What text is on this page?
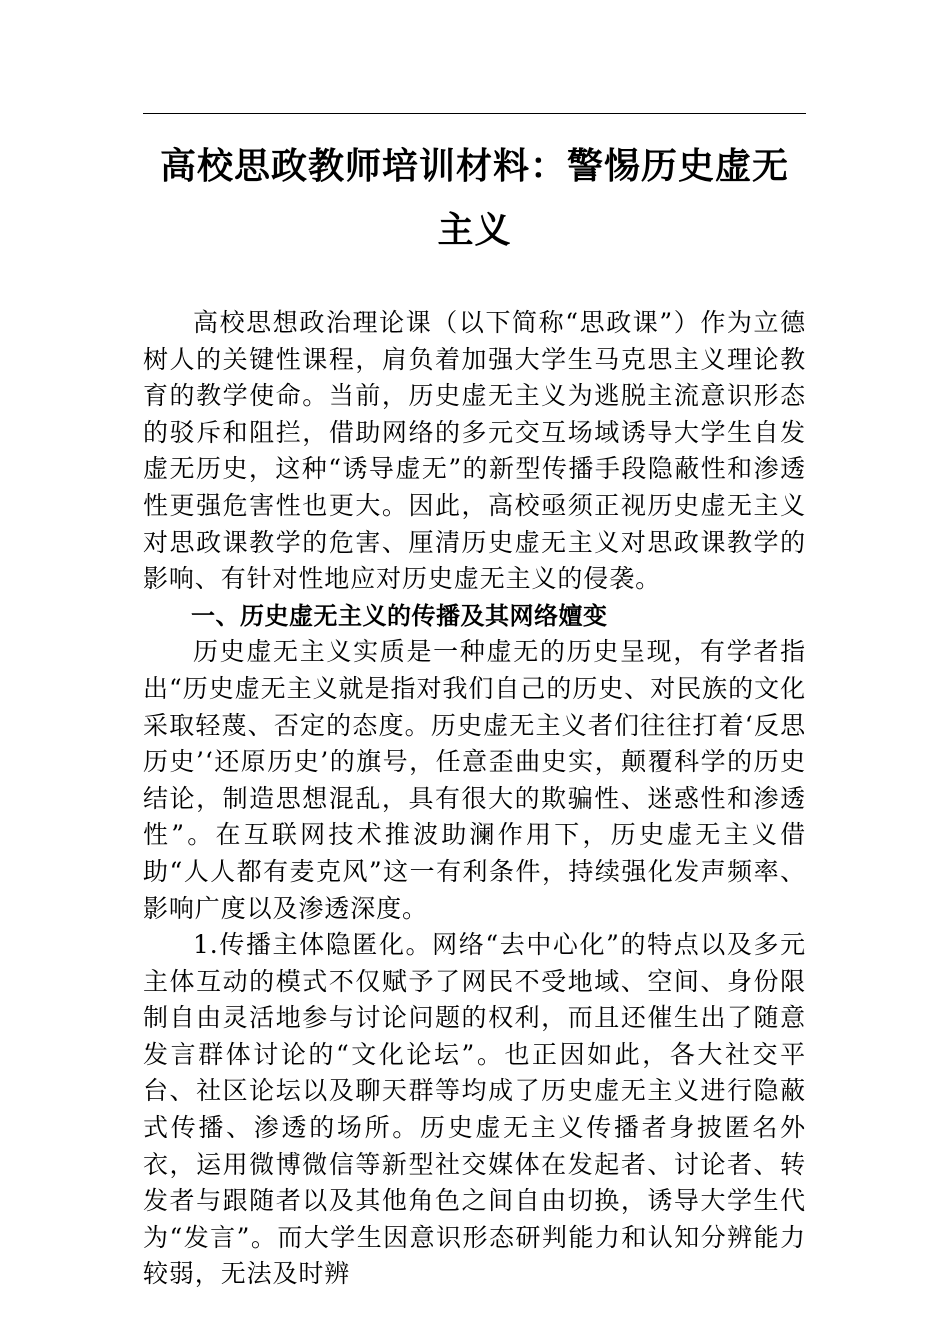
高校思政教师培训材料：警惕历史虚无主义

高校思想政治理论课（以下简称“思政课”）作为立德树人的关键性课程，肩负着加强大学生马克思主义理论教育的教学使命。当前，历史虚无主义为逃脱主流意识形态的驳斥和阻拦，借助网络的多元交互场域诱导大学生自发虚无历史，这种“诱导虚无”的新型传播手段隐蔽性和渗透性更强危害性也更大。因此，高校亟须正视历史虚无主义对思政课教学的危害、厘清历史虚无主义对思政课教学的影响、有针对性地应对历史虚无主义的侵袭。

一、历史虚无主义的传播及其网络嬗变

历史虚无主义实质是一种虚无的历史呈现，有学者指出“历史虚无主义就是指对我们自己的历史、对民族的文化采取轻蔑、否定的态度。历史虚无主义者们往往打着‘反思历史’‘还原历史’的旗号，任意歪曲史实，颠覆科学的历史结论，制造思想混乱，具有很大的欺骗性、迷惑性和渗透性”。在互联网技术推波助澜作用下，历史虚无主义借助“人人都有麦克风”这一有利条件，持续强化发声频率、影响广度以及渗透深度。

1.传播主体隐匿化。网络“去中心化”的特点以及多元主体互动的模式不仅赋予了网民不受地域、空间、身份限制自由灵活地参与讨论问题的权利，而且还催生出了随意发言群体讨论的“文化论坛”。也正因如此，各大社交平台、社区论坛以及聊天群等均成了历史虚无主义进行隐蔽式传播、渗透的场所。历史虚无主义传播者身披匿名外衣，运用微博微信等新型社交媒体在发起者、讨论者、转发者与跟随者以及其他角色之间自由切换，诱导大学生代为“发言”。而大学生因意识形态研判能力和认知分辨能力较弱，无法及时辨
